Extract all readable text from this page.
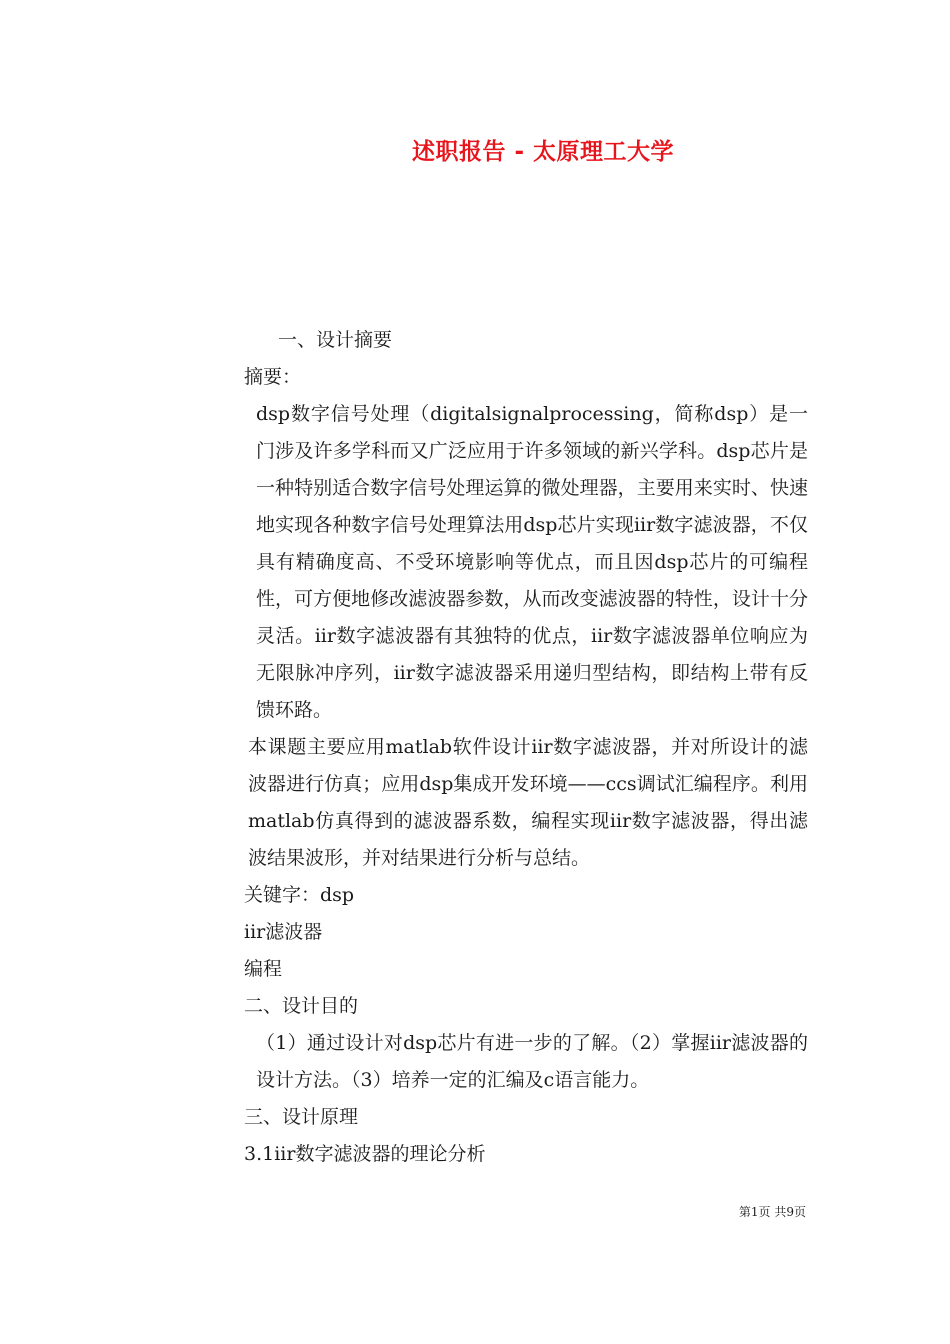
述职报告 - 太原理工大学

一、设计摘要

摘要：

dsp数字信号处理（digitalsignalprocessing，简称dsp）是一门涉及许多学科而又广泛应用于许多领域的新兴学科。dsp芯片是一种特别适合数字信号处理运算的微处理器，主要用来实时、快速地实现各种数字信号处理算法用dsp芯片实现iir数字滤波器，不仅具有精确度高、不受环境影响等优点，而且因dsp芯片的可编程性，可方便地修改滤波器参数，从而改变滤波器的特性，设计十分灵活。iir数字滤波器有其独特的优点，iir数字滤波器单位响应为无限脉冲序列，iir数字滤波器采用递归型结构，即结构上带有反馈环路。

本课题主要应用matlab软件设计iir数字滤波器，并对所设计的滤波器进行仿真；应用dsp集成开发环境——ccs调试汇编程序。利用matlab仿真得到的滤波器系数，编程实现iir数字滤波器，得出滤波结果波形，并对结果进行分析与总结。

关键字：dsp

iir滤波器

编程

二、设计目的

（1）通过设计对dsp芯片有进一步的了解。（2）掌握iir滤波器的设计方法。（3）培养一定的汇编及c语言能力。

三、设计原理

3.1iir数字滤波器的理论分析

第1页 共9页
